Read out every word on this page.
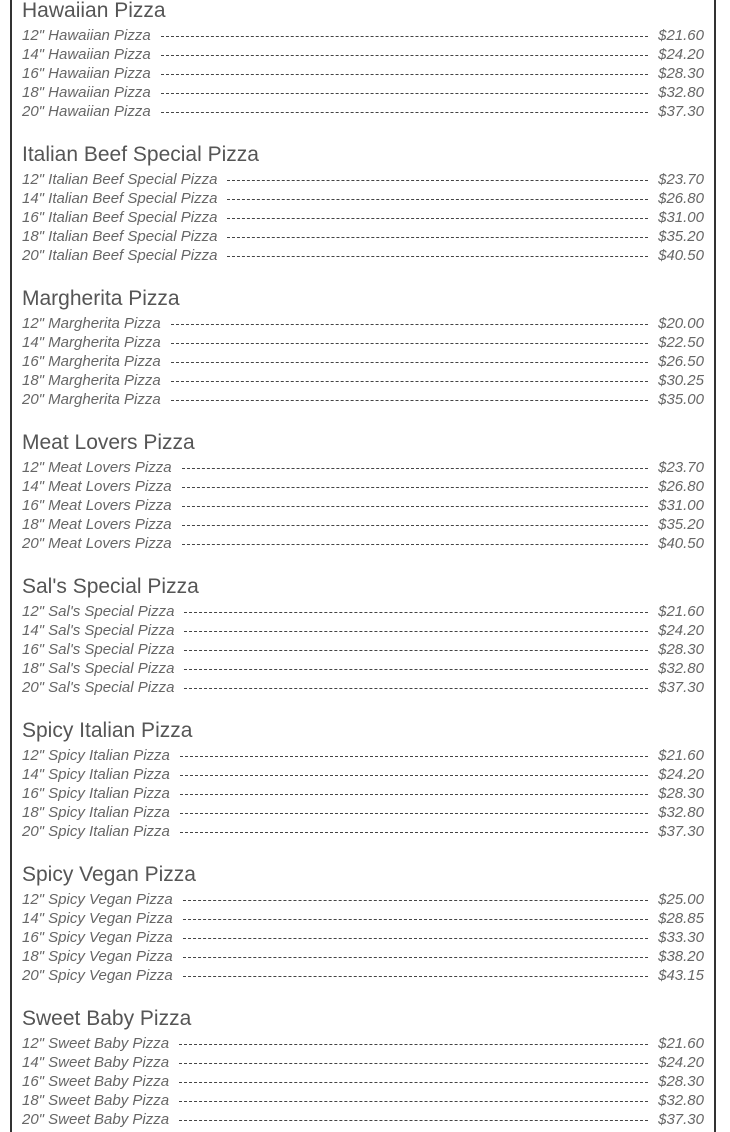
Hawaiian Pizza
12" Hawaiian Pizza	$21.60
14" Hawaiian Pizza	$24.20
16" Hawaiian Pizza	$28.30
18" Hawaiian Pizza	$32.80
20" Hawaiian Pizza	$37.30
Italian Beef Special Pizza
12" Italian Beef Special Pizza	$23.70
14" Italian Beef Special Pizza	$26.80
16" Italian Beef Special Pizza	$31.00
18" Italian Beef Special Pizza	$35.20
20" Italian Beef Special Pizza	$40.50
Margherita Pizza
12" Margherita Pizza	$20.00
14" Margherita Pizza	$22.50
16" Margherita Pizza	$26.50
18" Margherita Pizza	$30.25
20" Margherita Pizza	$35.00
Meat Lovers Pizza
12" Meat Lovers Pizza	$23.70
14" Meat Lovers Pizza	$26.80
16" Meat Lovers Pizza	$31.00
18" Meat Lovers Pizza	$35.20
20" Meat Lovers Pizza	$40.50
Sal's Special Pizza
12" Sal's Special Pizza	$21.60
14" Sal's Special Pizza	$24.20
16" Sal's Special Pizza	$28.30
18" Sal's Special Pizza	$32.80
20" Sal's Special Pizza	$37.30
Spicy Italian Pizza
12" Spicy Italian Pizza	$21.60
14" Spicy Italian Pizza	$24.20
16" Spicy Italian Pizza	$28.30
18" Spicy Italian Pizza	$32.80
20" Spicy Italian Pizza	$37.30
Spicy Vegan Pizza
12" Spicy Vegan Pizza	$25.00
14" Spicy Vegan Pizza	$28.85
16" Spicy Vegan Pizza	$33.30
18" Spicy Vegan Pizza	$38.20
20" Spicy Vegan Pizza	$43.15
Sweet Baby Pizza
12" Sweet Baby Pizza	$21.60
14" Sweet Baby Pizza	$24.20
16" Sweet Baby Pizza	$28.30
18" Sweet Baby Pizza	$32.80
20" Sweet Baby Pizza	$37.30
